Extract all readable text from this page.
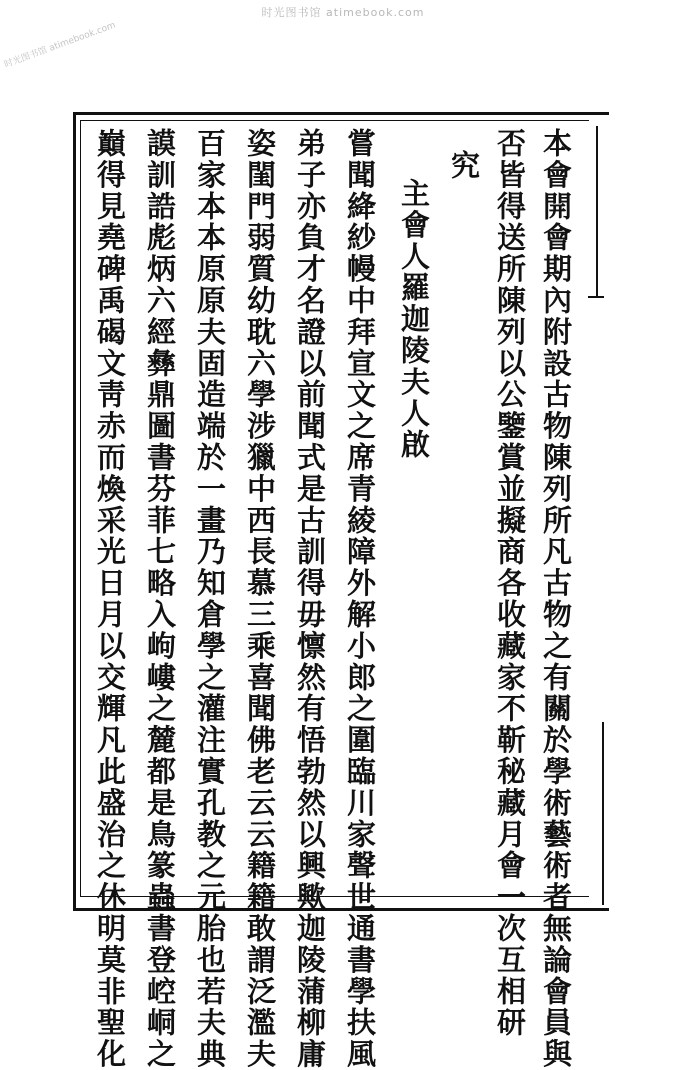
时光图书馆 atimebook.com
时光图书馆 atimebook.com
本會開會期內附設古物陳列所凡古物之有關於學術藝術者無論會員與
否皆得送所陳列以公鑒賞並擬商各收藏家不靳秘藏月會一次互相研
究
主會人羅迦陵夫人啟
嘗聞絳紗幔中拜宣文之席青綾障外解小郎之圍臨川家聲世通書學扶風
弟子亦負才名證以前聞式是古訓得毋懔然有悟勃然以興歟迦陵蒲柳庸
姿閨門弱質幼耽六學涉獵中西長慕三乘喜聞佛老云云籍籍敢謂泛濫夫
百家本本原原夫固造端於一畫乃知倉學之灌注實孔教之元胎也若夫典
謨訓誥彪炳六經彝鼎圖書芬菲七略入岣嶁之麓都是鳥篆蟲書登崆峒之
巔得見堯碑禹碣文靑赤而煥采光日月以交輝凡此盛治之休明莫非聖化
